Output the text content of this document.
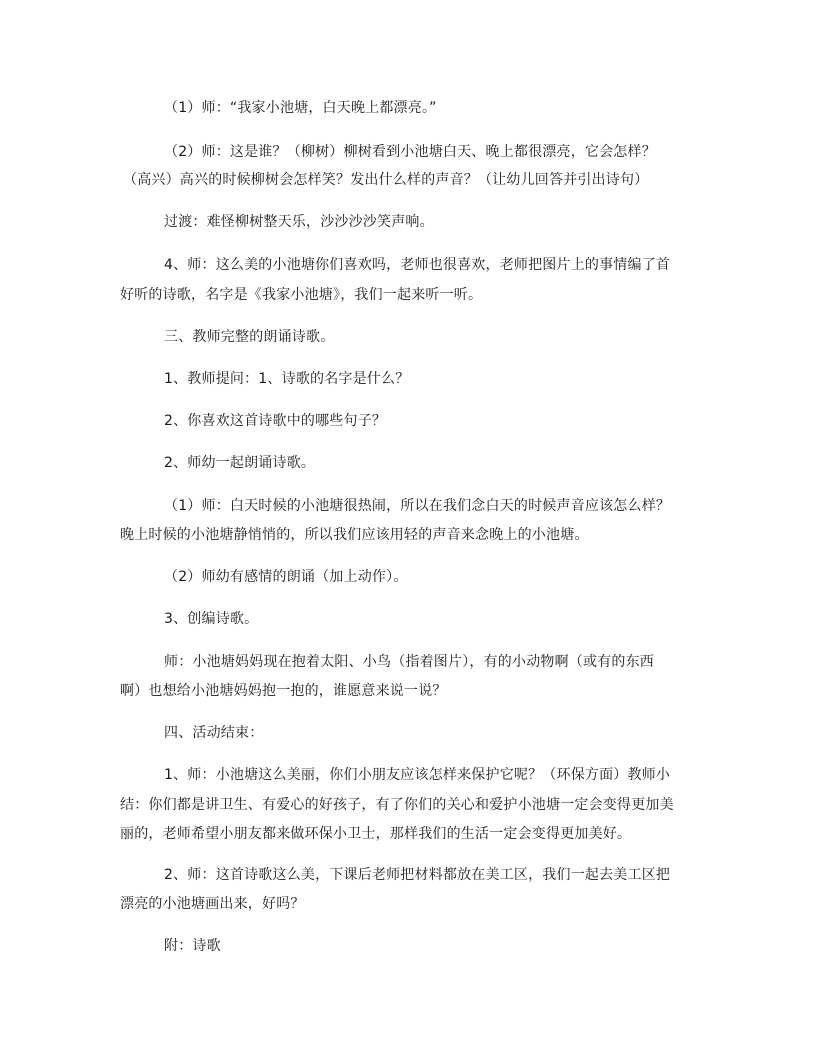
（1）师：“我家小池塘，白天晚上都漂亮。”
（2）师：这是谁？（柳树）柳树看到小池塘白天、晚上都很漂亮，它会怎样？
（高兴）高兴的时候柳树会怎样笑？发出什么样的声音？（让幼儿回答并引出诗句）
过渡：难怪柳树整天乐，沙沙沙沙笑声响。
4、师：这么美的小池塘你们喜欢吗，老师也很喜欢，老师把图片上的事情编了首
好听的诗歌，名字是《我家小池塘》，我们一起来听一听。
三、教师完整的朗诵诗歌。
1、教师提问：1、诗歌的名字是什么？
2、你喜欢这首诗歌中的哪些句子？
2、师幼一起朗诵诗歌。
（1）师：白天时候的小池塘很热闹，所以在我们念白天的时候声音应该怎么样？
晚上时候的小池塘静悄悄的，所以我们应该用轻的声音来念晚上的小池塘。
（2）师幼有感情的朗诵（加上动作）。
3、创编诗歌。
师：小池塘妈妈现在抱着太阳、小鸟（指着图片），有的小动物啊（或有的东西
啊）也想给小池塘妈妈抱一抱的，谁愿意来说一说？
四、活动结束：
1、师：小池塘这么美丽，你们小朋友应该怎样来保护它呢？（环保方面）教师小
结：你们都是讲卫生、有爱心的好孩子，有了你们的关心和爱护小池塘一定会变得更加美
丽的，老师希望小朋友都来做环保小卫士，那样我们的生活一定会变得更加美好。
2、师：这首诗歌这么美，下课后老师把材料都放在美工区，我们一起去美工区把
漂亮的小池塘画出来，好吗？
附：诗歌
